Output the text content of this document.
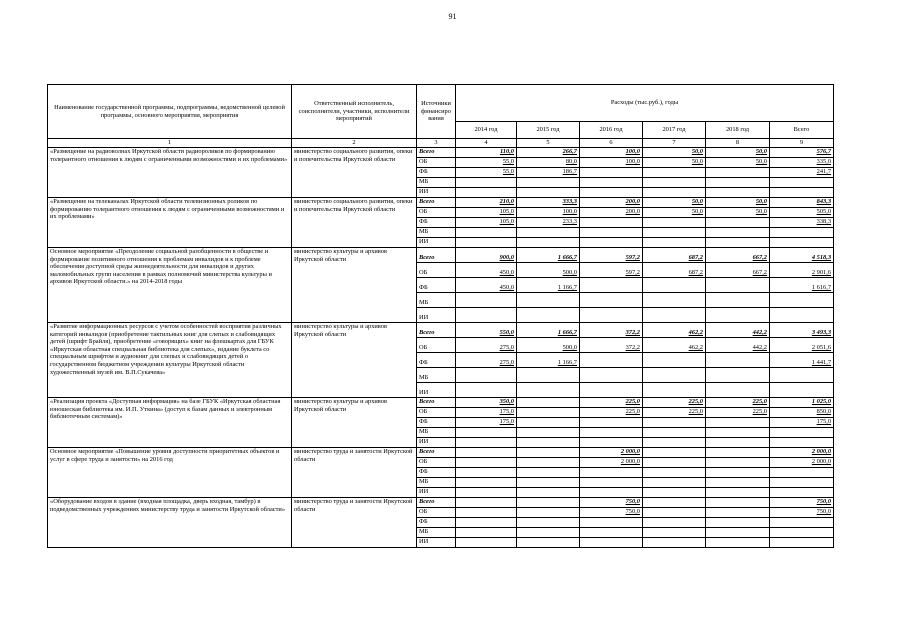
91
Наименование государственной программы, подпрограммы, ведомственной целевой программы, основного мероприятия, мероприятия	Ответственный исполнитель, соисполнители, участники, исполнители мероприятий	Источники финансиро вания	Расходы (тыс.руб.), годы					
			2014 год	2015 год	2016 год	2017 год	2018 год	Всего
1	2	3	4	5	6	7	8	9
«Размещение на радиоволнах Иркутской области радиороликов по формированию толерантного отношения к людям с ограниченными возможностями и их проблемами»	министерство социального развития, опеки и попечительства Иркутской области	Всего	110,0	266,7	100,0	50,0	50,0	576,7
		ОБ	55,0	80,0	100,0	50,0	50,0	335,0
		ФБ	55,0	186,7				241,7
		МБ						
		ИИ						
«Размещение на телеканалах Иркутской области телевизионных роликов по формированию толерантного отношения к людям с ограниченными возможностями и их проблемами»	министерство социального развития, опеки и попечительства Иркутской области	Всего	210,0	333,3	200,0	50,0	50,0	843,3
		ОБ	105,0	100,0	200,0	50,0	50,0	505,0
		ФБ	105,0	233,3				338,3
		МБ						
		ИИ						
Основное мероприятие «Преодоление социальной разобщенности в обществе и формирование позитивного отношения к проблемам инвалидов и к проблеме обеспечения доступной среды жизнедеятельности для инвалидов и других маломобильных групп населения в рамках полномочий министерства культуры и архивов Иркутской области.» на 2014-2018 годы	министерство культуры и архивов Иркутской области	Всего	900,0	1 666,7	597,2	687,2	667,2	4 518,3
		ОБ	450,0	500,0	597,2	687,2	667,2	2 901,6
		ФБ	450,0	1 166,7				1 616,7
		МБ						
		ИИ						
«Развитие информационных ресурсов с учетом особенностей восприятия различных категорий инвалидов (приобретение тактильных книг для слепых и слабовидящих детей (шрифт Брайля), приобретение «говорящих» книг на флешкартах для ГБУК «Иркутская областная специальная библиотека для слепых», издание буклета со специальным шрифтом и аудиокниг для слепых и слабовидящих детей о государственном бюджетном учреждении культуры Иркутской области художественный музей им. В.П.Сукачева»	министерство культуры и архивов Иркутской области	Всего	550,0	1 666,7	372,2	462,2	442,2	3 493,3
		ОБ	275,0	500,0	372,2	462,2	442,2	2 051,6
		ФБ	275,0	1 166,7				1 441,7
		МБ						
		ИИ						
«Реализация проекта «Доступная информация» на базе ГБУК «Иркутская областная юношеская библиотека им. И.П. Уткина» (доступ к базам данных и электронным библиотечным системам)»	министерство культуры и архивов Иркутской области	Всего	350,0		225,0	225,0	225,0	1 025,0
		ОБ	175,0		225,0	225,0	225,0	850,0
		ФБ	175,0					175,0
		МБ						
		ИИ						
Основное мероприятие «Повышение уровня доступности приоритетных объектов и услуг в сфере труда и занятости» на 2016 год	министерство труда и занятости Иркутской области	Всего			2 000,0			2 000,0
		ОБ			2 000,0			2 000,0
		ФБ						
		МБ						
		ИИ						
«Оборудование входов в здание (входная площадка, дверь входная, тамбур) в подведомственных учреждениях министерству труда и занятости Иркутской области»	министерство труда и занятости Иркутской области	Всего			750,0			750,0
		ОБ			750,0			750,0
		ФБ						
		МБ						
		ИИ						
